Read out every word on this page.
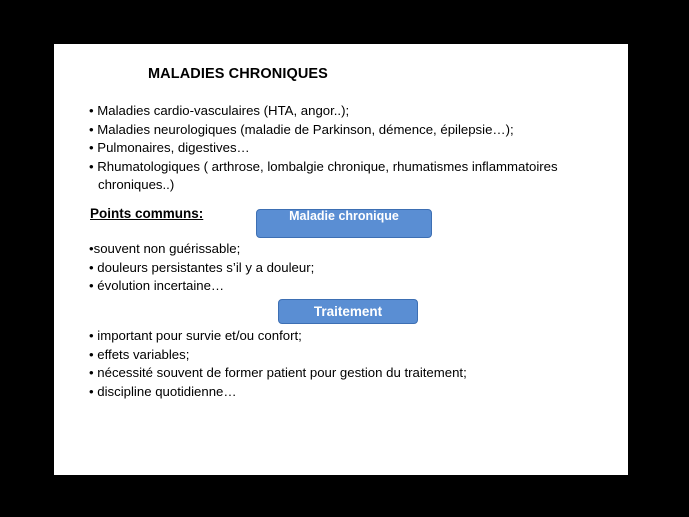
MALADIES CHRONIQUES
• Maladies cardio-vasculaires (HTA, angor..);
• Maladies neurologiques (maladie de Parkinson, démence, épilepsie…);
• Pulmonaires, digestives…
• Rhumatologiques ( arthrose, lombalgie chronique, rhumatismes inflammatoires
chroniques..)
Points communs:	Maladie chronique
•souvent non guérissable;
• douleurs persistantes s’il y a douleur;
• évolution incertaine…
Traitement
• important pour survie et/ou confort;
• effets variables;
• nécessité souvent de former patient pour gestion du traitement;
• discipline quotidienne…
